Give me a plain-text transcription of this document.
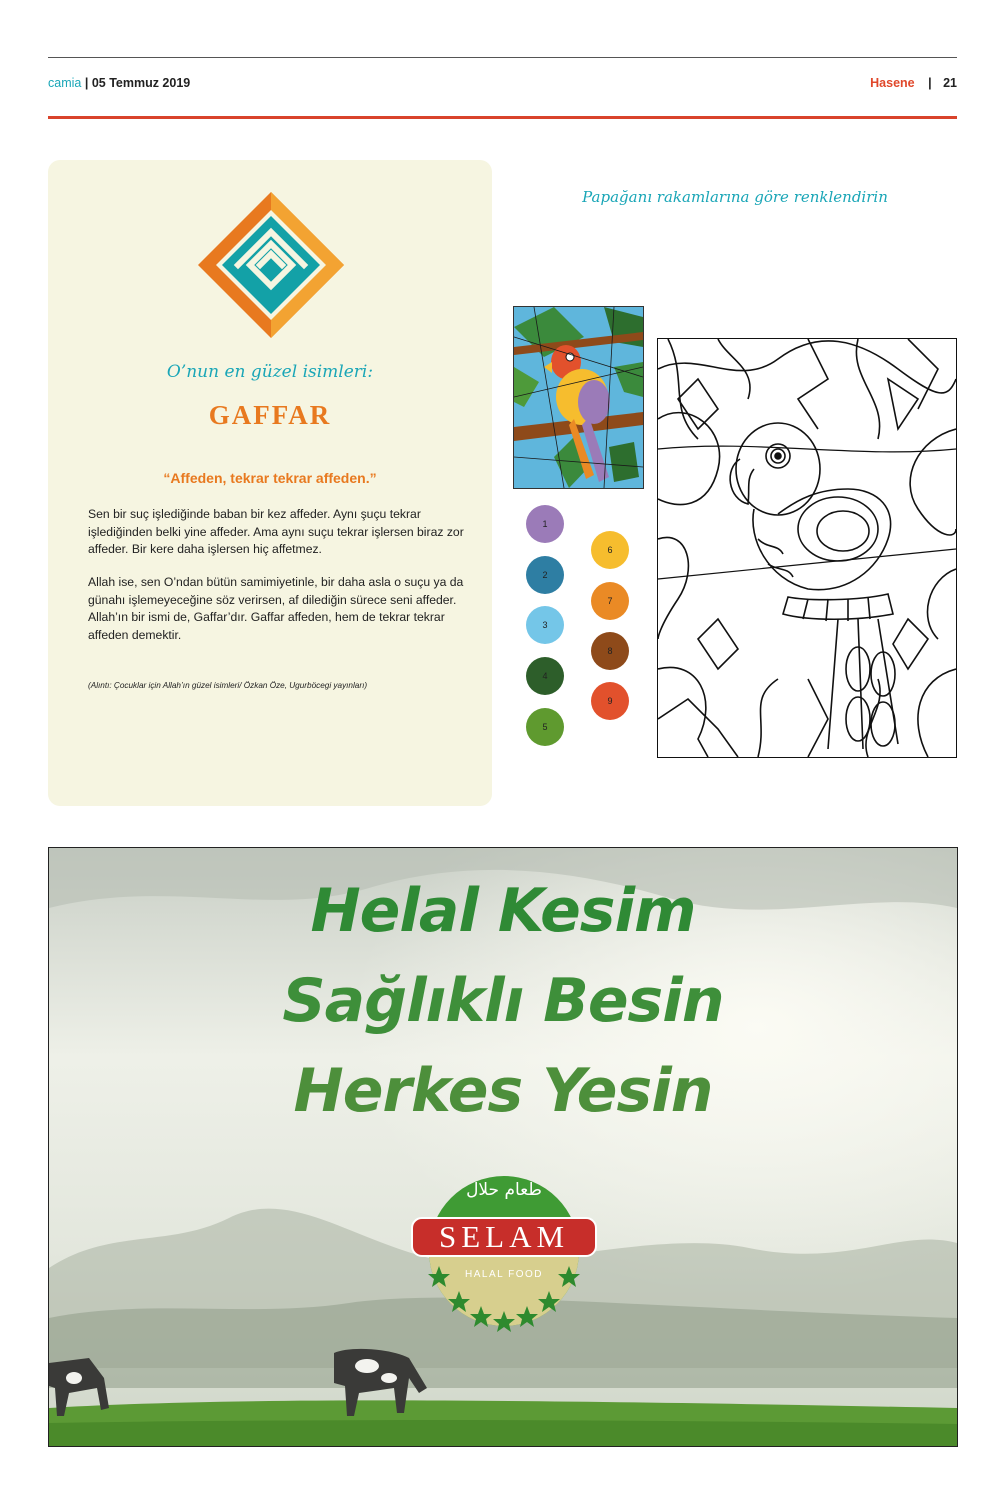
camia | 05 Temmuz 2019	Hasene | 21
O’nun en güzel isimleri:
GAFFAR
“Affeden, tekrar tekrar affeden.”
Sen bir suç işlediğinde baban bir kez affeder. Aynı şuçu tekrar işlediğinden belki yine affeder. Ama aynı suçu tekrar işlersen biraz zor affeder. Bir kere daha işlersen hiç affetmez.
Allah ise, sen O’ndan bütün samimiyetinle, bir daha asla o suçu ya da günahı işlemeyeceğine söz verirsen, af dilediğin sürece seni affeder. Allah’ın bir ismi de, Gaffar’dır. Gaffar affeden, hem de tekrar tekrar affeden demektir.
(Alıntı: Çocuklar için Allah’ın güzel isimleri/ Özkan Öze, Ugurböcegi yayınları)
Papağanı rakamlarına göre renklendirin
1
2
3
4
5
6
7
8
9
Helal Kesim
Sağlıklı Besin
Herkes Yesin
طعام حلال
SELAM
HALAL FOOD
